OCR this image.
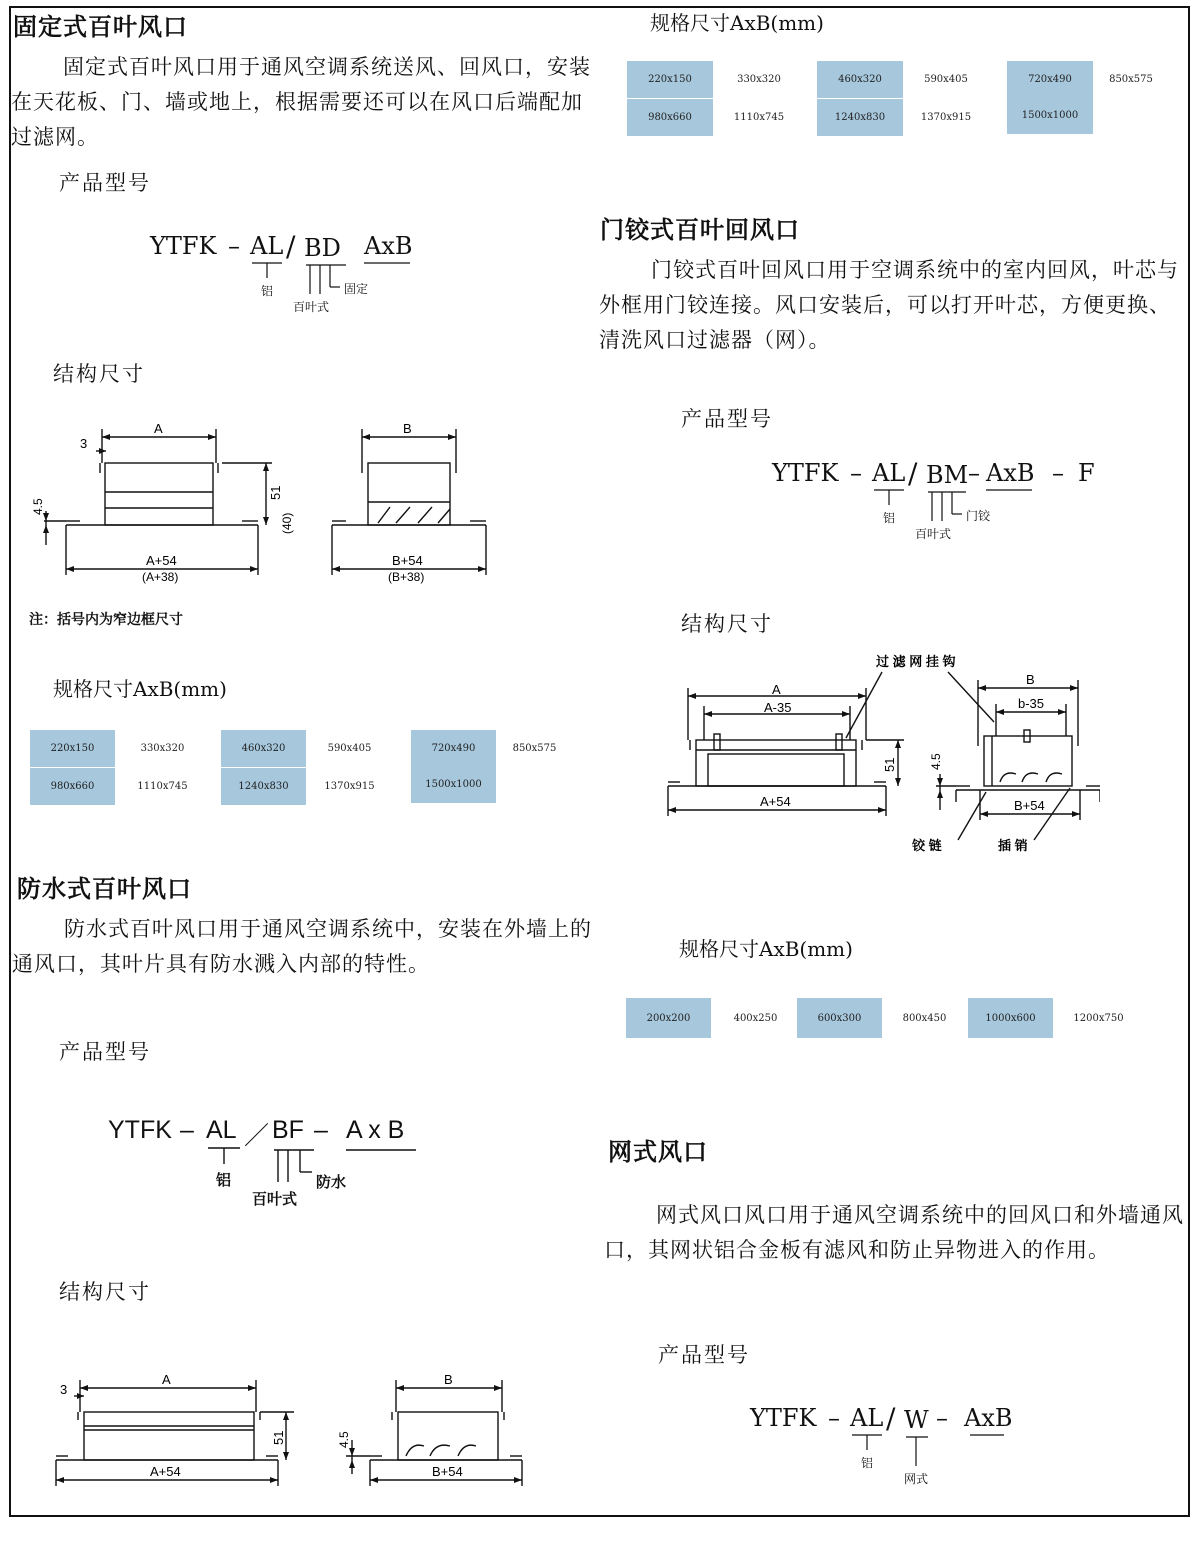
固定式百叶风口
固定式百叶风口用于通风空调系统送风、回风口，安装在天花板、门、墙或地上，根据需要还可以在风口后端配加过滤网。
产品型号
YTFK – AL / BD AxB
铝
百叶式
固定
结构尺寸
A
3
51
(40)
4.5
A+54
(A+38)
B
B+54
(B+38)
注：括号内为窄边框尺寸
规格尺寸AxB(mm)
220x150	330x320	460x320	590x405	720x490	850x575
980x660	1110x745	1240x830	1370x915	1500x1000
防水式百叶风口
防水式百叶风口用于通风空调系统中，安装在外墙上的通风口，其叶片具有防水溅入内部的特性。
产品型号
YTFK – AL ／ BF – A x B
铝
百叶式
防水
结构尺寸
A
3
51
A+54
B
4.5
B+54
规格尺寸AxB(mm)
220x150	330x320	460x320	590x405	720x490	850x575
980x660	1110x745	1240x830	1370x915	1500x1000
门铰式百叶回风口
门铰式百叶回风口用于空调系统中的室内回风，叶芯与外框用门铰连接。风口安装后，可以打开叶芯，方便更换、清洗风口过滤器（网）。
产品型号
YTFK – AL / BM – AxB – F
铝
百叶式
门铰
结构尺寸
过 滤 网 挂 钩
A
A-35
51
A+54
B
b-35
4.5
B+54
铰 链	插 销
规格尺寸AxB(mm)
200x200	400x250	600x300	800x450	1000x600	1200x750
网式风口
网式风口风口用于通风空调系统中的回风口和外墙通风口，其网状铝合金板有滤风和防止异物进入的作用。
产品型号
YTFK – AL / W – AxB
铝
网式
